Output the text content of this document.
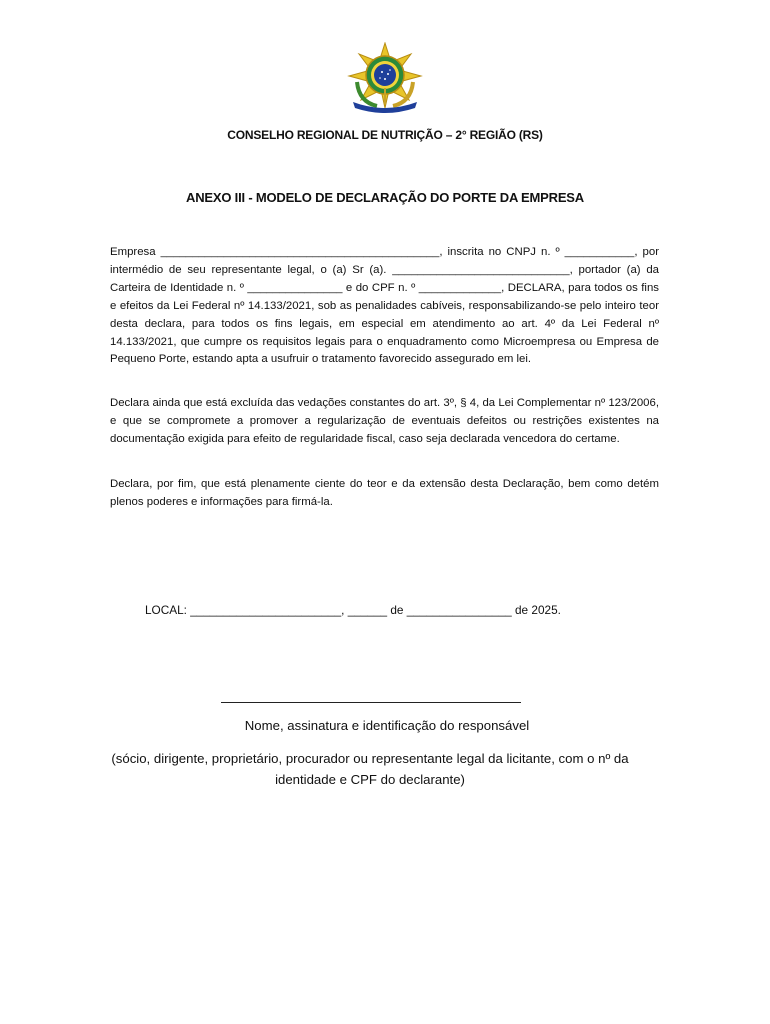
CONSELHO REGIONAL DE NUTRIÇÃO – 2° REGIÃO (RS)
ANEXO III - MODELO DE DECLARAÇÃO DO PORTE DA EMPRESA

Empresa ____________________________________________, inscrita no CNPJ n. º ___________, por intermédio de seu representante legal, o (a) Sr (a). ____________________________, portador (a) da Carteira de Identidade n. º _______________ e do CPF n. º _____________, DECLARA, para todos os fins e efeitos da Lei Federal nº 14.133/2021, sob as penalidades cabíveis, responsabilizando-se pelo inteiro teor desta declara, para todos os fins legais, em especial em atendimento ao art. 4º da Lei Federal nº 14.133/2021, que cumpre os requisitos legais para o enquadramento como Microempresa ou Empresa de Pequeno Porte, estando apta a usufruir o tratamento favorecido assegurado em lei.

Declara ainda que está excluída das vedações constantes do art. 3º, § 4, da Lei Complementar nº 123/2006, e que se compromete a promover a regularização de eventuais defeitos ou restrições existentes na documentação exigida para efeito de regularidade fiscal, caso seja declarada vencedora do certame.

Declara, por fim, que está plenamente ciente do teor e da extensão desta Declaração, bem como detém plenos poderes e informações para firmá-la.

LOCAL: _______________________, ______ de ________________ de 2025.
Nome, assinatura e identificação do responsável

(sócio, dirigente, proprietário, procurador ou representante legal da licitante, com o nº da identidade e CPF do declarante)
